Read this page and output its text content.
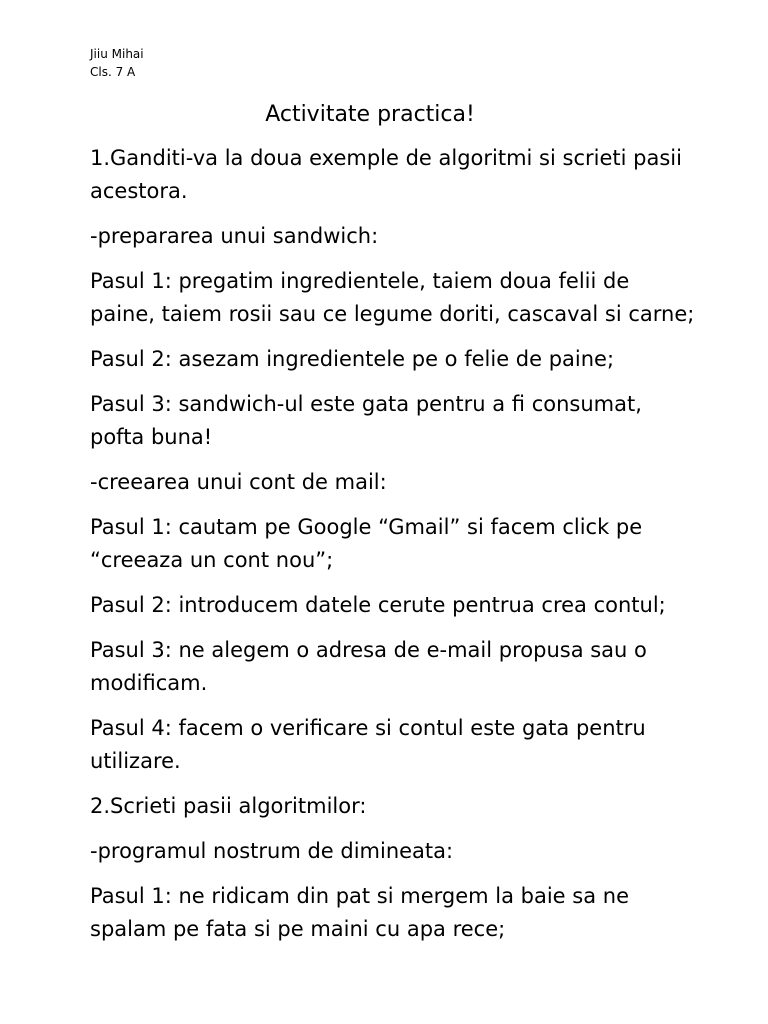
Jiiu Mihai
Cls. 7 A
Activitate practica!

1.Ganditi-va la doua exemple de algoritmi si scrieti pasii acestora.

-prepararea unui sandwich:

Pasul 1: pregatim ingredientele, taiem doua felii de paine, taiem rosii sau ce legume doriti, cascaval si carne;

Pasul 2: asezam ingredientele pe o felie de paine;

Pasul 3: sandwich-ul este gata pentru a fi consumat, pofta buna!

-creearea unui cont de mail:

Pasul 1: cautam pe Google “Gmail” si facem click pe “creeaza un cont nou”;

Pasul 2: introducem datele cerute pentrua crea contul;

Pasul 3: ne alegem o adresa de e-mail propusa sau o modificam.

Pasul 4: facem o verificare si contul este gata pentru utilizare.

2.Scrieti pasii algoritmilor:

-programul nostrum de dimineata:

Pasul 1: ne ridicam din pat si mergem la baie sa ne spalam pe fata si pe maini cu apa rece;
